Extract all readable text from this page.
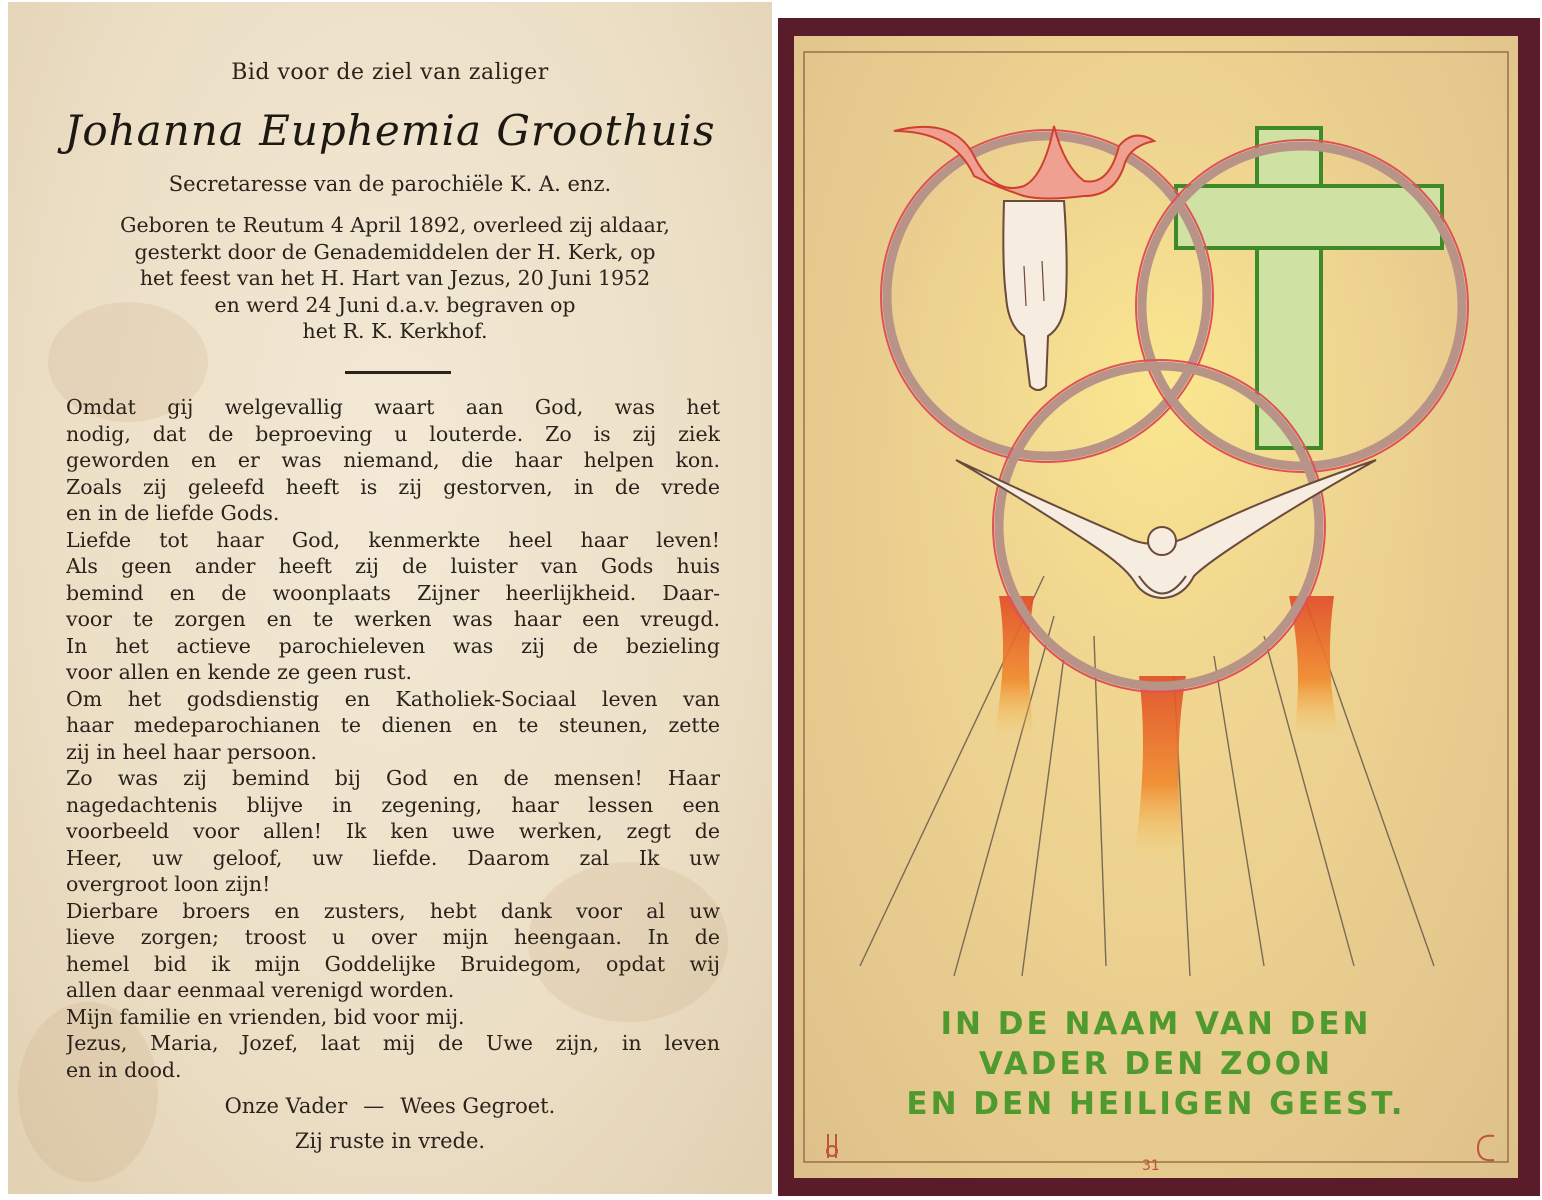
Bid voor de ziel van zaliger
Johanna Euphemia Groothuis
Secretaresse van de parochiële K. A. enz.
Geboren te Reutum 4 April 1892, overleed zij aldaar,
gesterkt door de Genademiddelen der H. Kerk, op
het feest van het H. Hart van Jezus, 20 Juni 1952
en werd 24 Juni d.a.v. begraven op
het R. K. Kerkhof.
Omdat gij welgevallig waart aan God, was het
nodig, dat de beproeving u louterde. Zo is zij ziek
geworden en er was niemand, die haar helpen kon.
Zoals zij geleefd heeft is zij gestorven, in de vrede
en in de liefde Gods.
Liefde tot haar God, kenmerkte heel haar leven!
Als geen ander heeft zij de luister van Gods huis
bemind en de woonplaats Zijner heerlijkheid. Daar-
voor te zorgen en te werken was haar een vreugd.
In het actieve parochieleven was zij de bezieling
voor allen en kende ze geen rust.
Om het godsdienstig en Katholiek-Sociaal leven van
haar medeparochianen te dienen en te steunen, zette
zij in heel haar persoon.
Zo was zij bemind bij God en de mensen! Haar
nagedachtenis blijve in zegening, haar lessen een
voorbeeld voor allen! Ik ken uwe werken, zegt de
Heer, uw geloof, uw liefde. Daarom zal Ik uw
overgroot loon zijn!
Dierbare broers en zusters, hebt dank voor al uw
lieve zorgen; troost u over mijn heengaan. In de
hemel bid ik mijn Goddelijke Bruidegom, opdat wij
allen daar eenmaal verenigd worden.
Mijn familie en vrienden, bid voor mij.
Jezus, Maria, Jozef, laat mij de Uwe zijn, in leven
en in dood.
Onze Vader — Wees Gegroet.
Zij ruste in vrede.
IN DE NAAM VAN DEN
VADER DEN ZOON
EN DEN HEILIGEN GEEST.
31
